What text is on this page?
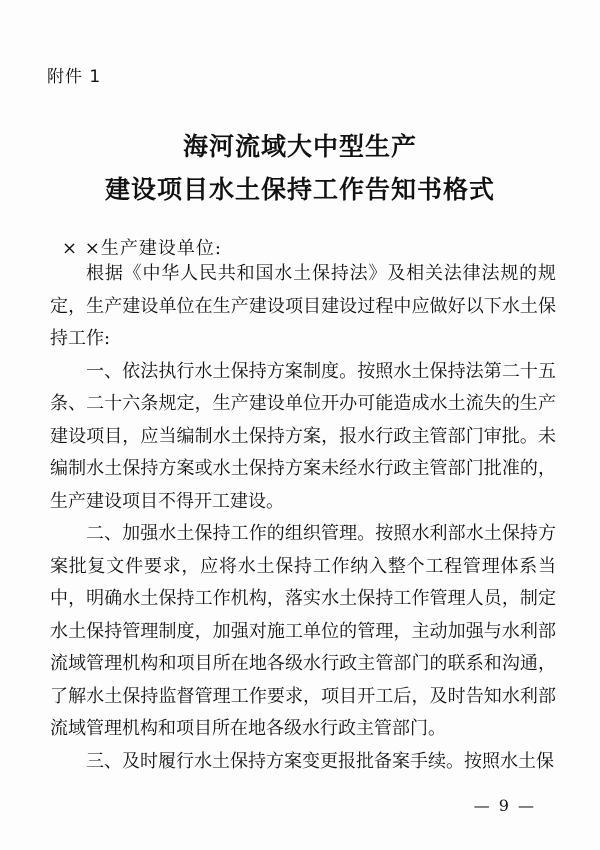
附件 1
海河流域大中型生产
建设项目水土保持工作告知书格式
× ×生产建设单位:

根据《中华人民共和国水土保持法》及相关法律法规的规定，生产建设单位在生产建设项目建设过程中应做好以下水土保持工作:

一、依法执行水土保持方案制度。按照水土保持法第二十五条、二十六条规定，生产建设单位开办可能造成水土流失的生产建设项目，应当编制水土保持方案，报水行政主管部门审批。未编制水土保持方案或水土保持方案未经水行政主管部门批准的，生产建设项目不得开工建设。

二、加强水土保持工作的组织管理。按照水利部水土保持方案批复文件要求，应将水土保持工作纳入整个工程管理体系当中，明确水土保持工作机构，落实水土保持工作管理人员，制定水土保持管理制度，加强对施工单位的管理，主动加强与水利部流域管理机构和项目所在地各级水行政主管部门的联系和沟通，了解水土保持监督管理工作要求，项目开工后，及时告知水利部流域管理机构和项目所在地各级水行政主管部门。

三、及时履行水土保持方案变更报批备案手续。按照水土保

— 9 —
